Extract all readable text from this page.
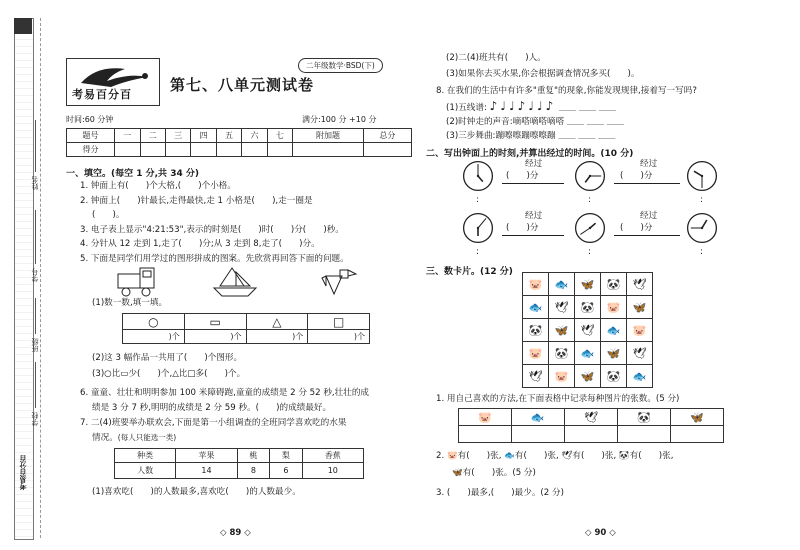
姓名
学号
班级
学校
考易百分百
考易百分百
二年级数学·BSD(下)
第七、八单元测试卷
时间:60 分钟	满分:100 分 +10 分
题号	一	二	三	四	五	六	七	附加题	总分
得分									
一、填空。(每空 1 分,共 34 分)
1. 钟面上有(　　)个大格,(　　)个小格。
2. 钟面上(　　)针最长,走得最快,走 1 小格是(　　),走一圈是
(　　)。
3. 电子表上显示"4:21:53",表示的时刻是(　　)时(　　)分(　　)秒。
4. 分针从 12 走到 1,走了(　　)分;从 3 走到 8,走了(　　)分。
5. 下面是同学们用学过的图形拼成的图案。先欣赏再回答下面的问题。
(1)数一数,填一填。
○	▭	△	□
)个	)个	)个	)个
(2)这 3 幅作品一共用了(　　)个图形。
(3)○比▭少(　　)个,△比□多(　　)个。
6. 童童、壮壮和明明参加 100 米障碍跑,童童的成绩是 2 分 52 秒,壮壮的成
绩是 3 分 7 秒,明明的成绩是 2 分 59 秒。(　　)的成绩最好。
7. 二(4)班要举办联欢会,下面是第一小组调查的全班同学喜欢吃的水果
情况。(每人只能选一类)
种类	苹果	桃	梨	香蕉
人数	14	8	6	10
(1)喜欢吃(　　)的人数最多,喜欢吃(　　)的人数最少。
◇ 89 ◇
(2)二(4)班共有(　　)人。
(3)如果你去买水果,你会根据调查情况多买(　　)。
8. 在我们的生活中有许多"重复"的现象,你能发现规律,接着写一写吗?
(1)五线谱: ♪♩♩♪♩♩♪ ＿＿ ＿＿ ＿＿
(2)时钟走的声音:嘀嗒嘀嗒嘀嗒 ＿＿ ＿＿ ＿＿
(3)三步舞曲:蹦嚓嚓蹦嚓嚓蹦 ＿＿ ＿＿ ＿＿
二、写出钟面上的时刻,并算出经过的时间。(10 分)
经过
(　　)分
经过
(　　)分
:	:	:
经过
(　　)分
经过
(　　)分
:	:	:
三、数卡片。(12 分)
🐷	🐟	🦋	🐼	🕊
🐟	🕊	🐼	🐷	🦋
🐼	🦋	🕊	🐟	🐷
🐷	🐼	🐟	🦋	🕊
🕊	🐷	🦋	🐼	🐟
1. 用自己喜欢的方法,在下面表格中记录每种图片的张数。(5 分)
🐷	🐟	🕊	🐼	🦋

2. 🐷有(　　)张, 🐟有(　　)张, 🕊有(　　)张, 🐼有(　　)张,
🦋有(　　)张。(5 分)
3. (　　)最多,(　　)最少。(2 分)
◇ 90 ◇
